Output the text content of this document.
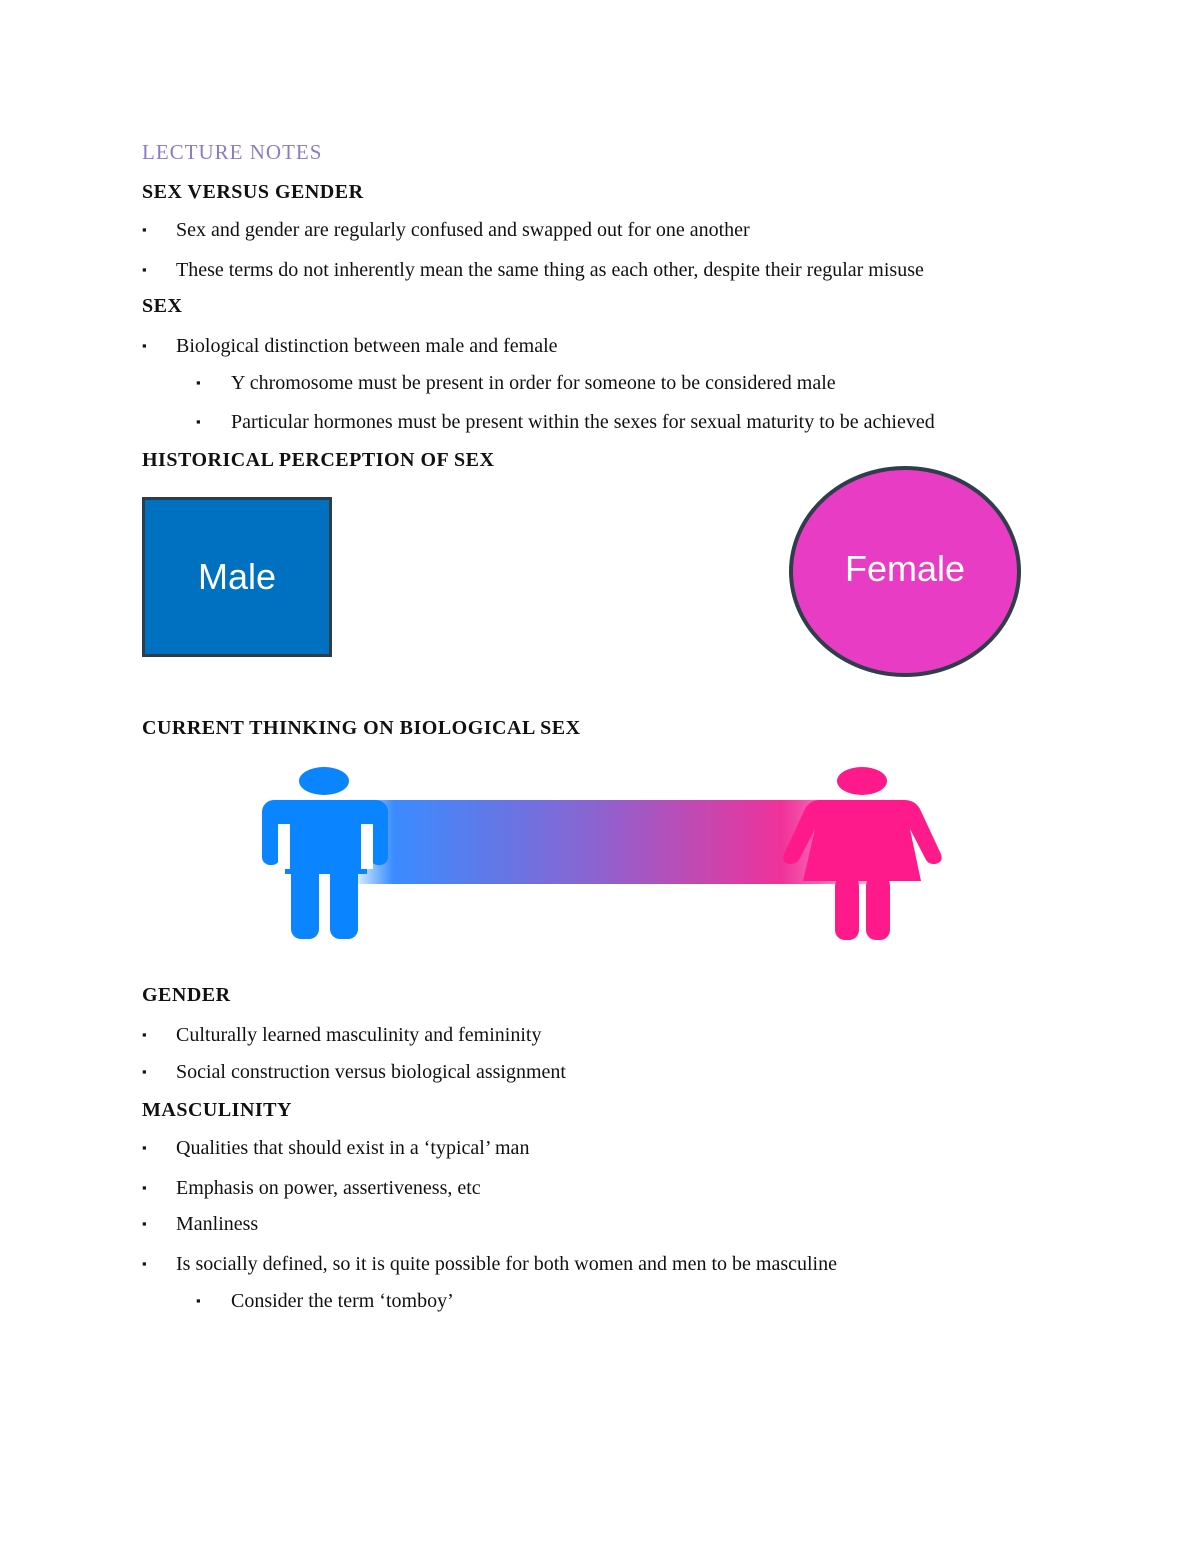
LECTURE NOTES
SEX VERSUS GENDER
▪ Sex and gender are regularly confused and swapped out for one another
▪ These terms do not inherently mean the same thing as each other, despite their regular misuse
SEX
▪ Biological distinction between male and female
▪ Y chromosome must be present in order for someone to be considered male
▪ Particular hormones must be present within the sexes for sexual maturity to be achieved
HISTORICAL PERCEPTION OF SEX
Male	Female
CURRENT THINKING ON BIOLOGICAL SEX
GENDER
▪ Culturally learned masculinity and femininity
▪ Social construction versus biological assignment
MASCULINITY
▪ Qualities that should exist in a ‘typical’ man
▪ Emphasis on power, assertiveness, etc
▪ Manliness
▪ Is socially defined, so it is quite possible for both women and men to be masculine
▪ Consider the term ‘tomboy’
